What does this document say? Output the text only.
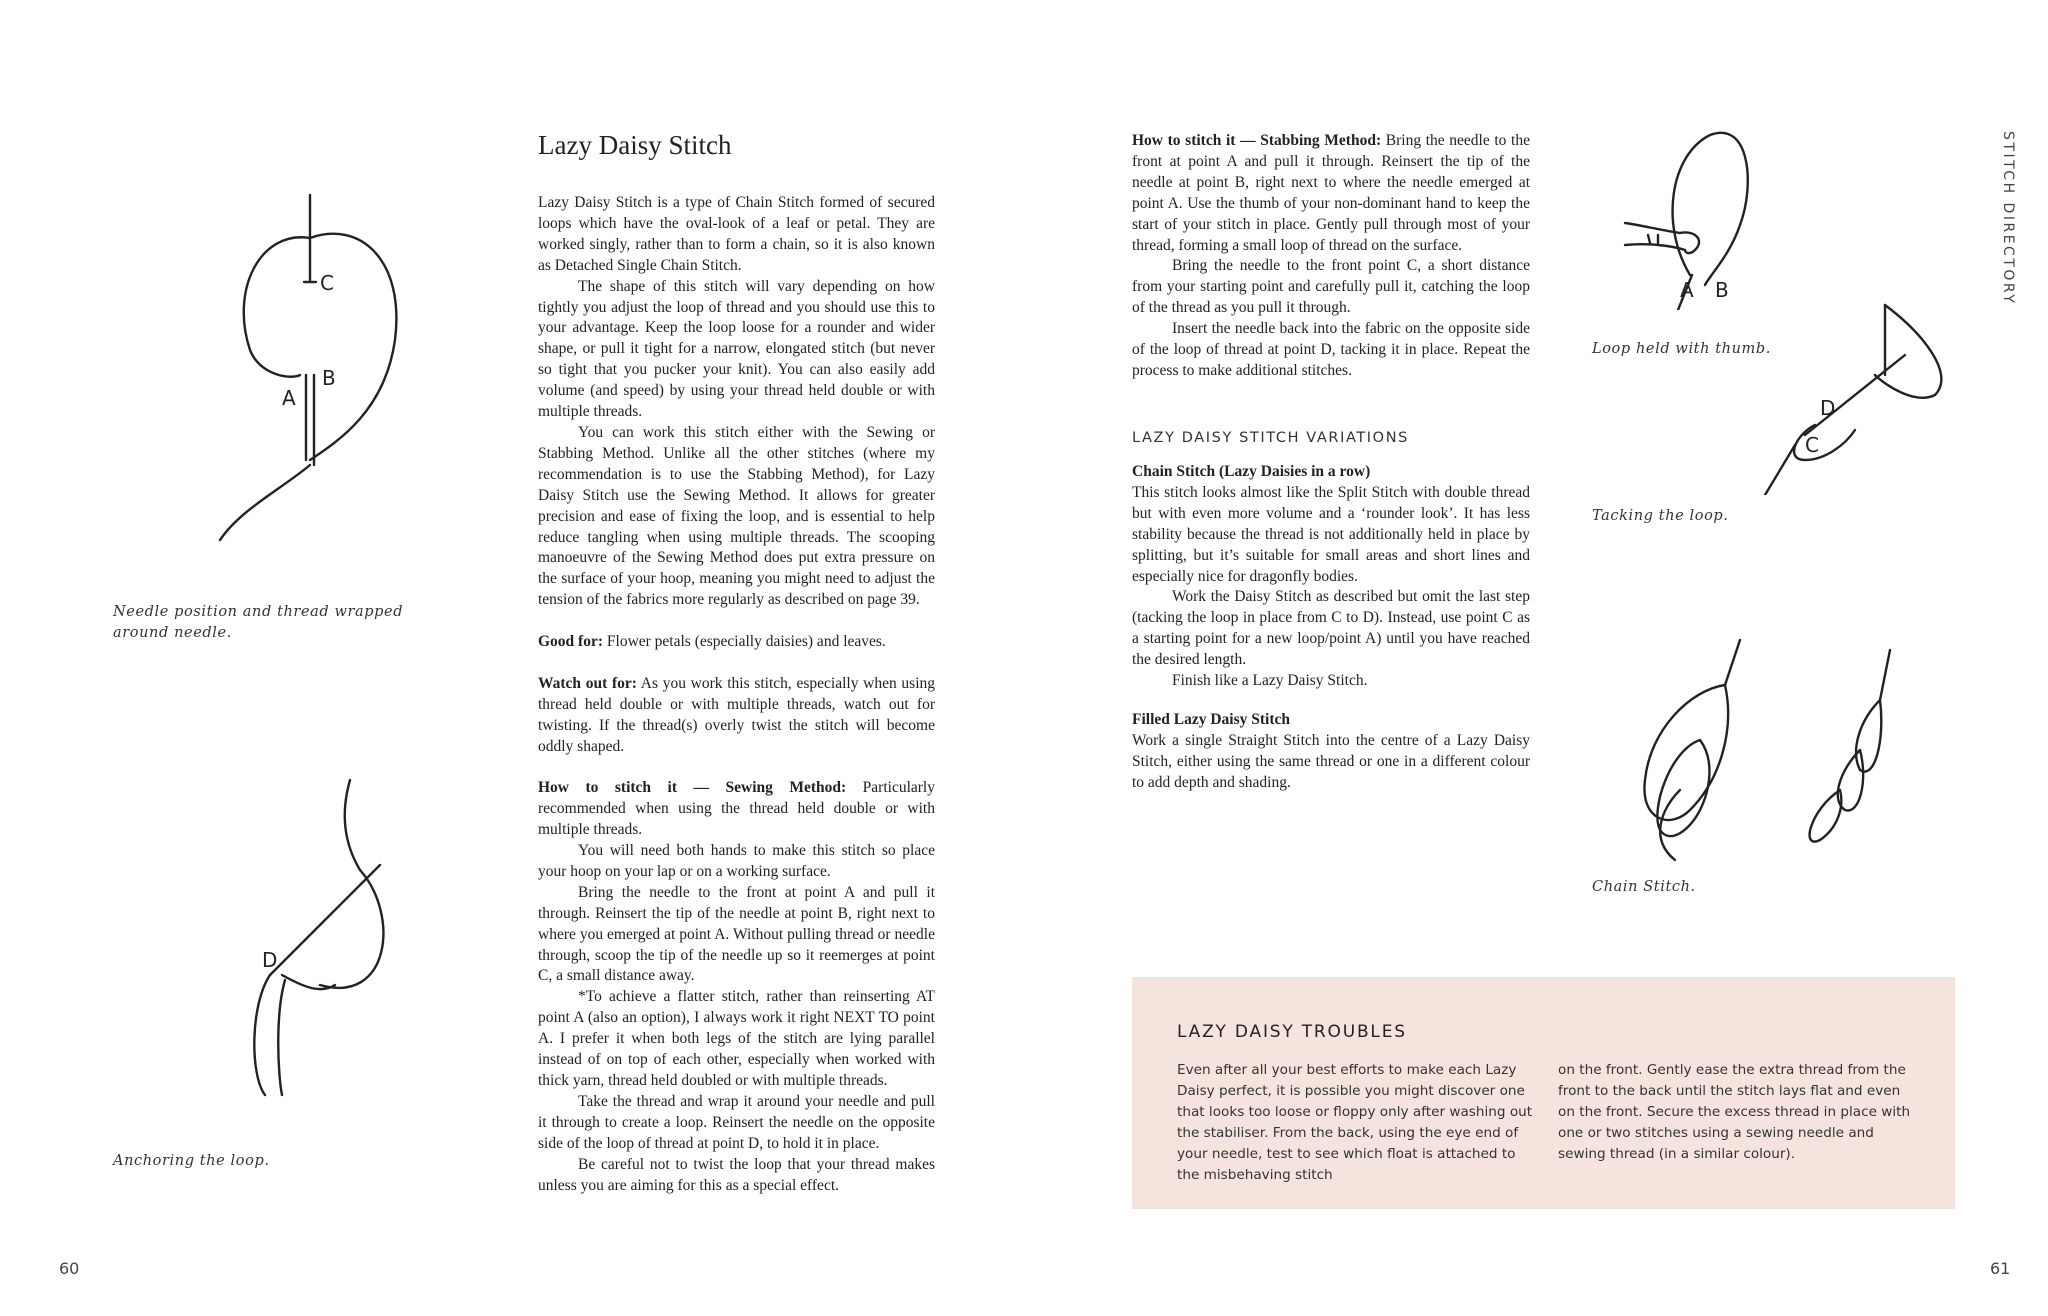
C
B
A
Needle position and thread wrapped
around needle.
D
Anchoring the loop.
60
Lazy Daisy Stitch

Lazy Daisy Stitch is a type of Chain Stitch formed of secured loops which have the oval-look of a leaf or petal. They are worked singly, rather than to form a chain, so it is also known as Detached Single Chain Stitch.

The shape of this stitch will vary depending on how tightly you adjust the loop of thread and you should use this to your advantage. Keep the loop loose for a rounder and wider shape, or pull it tight for a narrow, elongated stitch (but never so tight that you pucker your knit). You can also easily add volume (and speed) by using your thread held double or with multiple threads.

You can work this stitch either with the Sewing or Stabbing Method. Unlike all the other stitches (where my recommendation is to use the Stabbing Method), for Lazy Daisy Stitch use the Sewing Method. It allows for greater precision and ease of fixing the loop, and is essential to help reduce tangling when using multiple threads. The scooping manoeuvre of the Sewing Method does put extra pressure on the surface of your hoop, meaning you might need to adjust the tension of the fabrics more regularly as described on page 39.

Good for: Flower petals (especially daisies) and leaves.

Watch out for: As you work this stitch, especially when using thread held double or with multiple threads, watch out for twisting. If the thread(s) overly twist the stitch will become oddly shaped.

How to stitch it — Sewing Method: Particularly recommended when using the thread held double or with multiple threads.

You will need both hands to make this stitch so place your hoop on your lap or on a working surface.

Bring the needle to the front at point A and pull it through. Reinsert the tip of the needle at point B, right next to where you emerged at point A. Without pulling thread or needle through, scoop the tip of the needle up so it reemerges at point C, a small distance away.

*To achieve a flatter stitch, rather than reinserting AT point A (also an option), I always work it right NEXT TO point A. I prefer it when both legs of the stitch are lying parallel instead of on top of each other, especially when worked with thick yarn, thread held doubled or with multiple threads.

Take the thread and wrap it around your needle and pull it through to create a loop. Reinsert the needle on the opposite side of the loop of thread at point D, to hold it in place.

Be careful not to twist the loop that your thread makes unless you are aiming for this as a special effect.

How to stitch it — Stabbing Method: Bring the needle to the front at point A and pull it through. Reinsert the tip of the needle at point B, right next to where the needle emerged at point A. Use the thumb of your non-dominant hand to keep the start of your stitch in place. Gently pull through most of your thread, forming a small loop of thread on the surface.

Bring the needle to the front point C, a short distance from your starting point and carefully pull it, catching the loop of the thread as you pull it through.

Insert the needle back into the fabric on the opposite side of the loop of thread at point D, tacking it in place. Repeat the process to make additional stitches.

LAZY DAISY STITCH VARIATIONS

Chain Stitch (Lazy Daisies in a row)

This stitch looks almost like the Split Stitch with double thread but with even more volume and a ‘rounder look’. It has less stability because the thread is not additionally held in place by splitting, but it’s suitable for small areas and short lines and especially nice for dragonfly bodies.

Work the Daisy Stitch as described but omit the last step (tacking the loop in place from C to D). Instead, use point C as a starting point for a new loop/point A) until you have reached the desired length.

Finish like a Lazy Daisy Stitch.

Filled Lazy Daisy Stitch

Work a single Straight Stitch into the centre of a Lazy Daisy Stitch, either using the same thread or one in a different colour to add depth and shading.

A B
Loop held with thumb.
D
C
Tacking the loop.
Chain Stitch.
STITCH DIRECTORY
LAZY DAISY TROUBLES

Even after all your best efforts to make each Lazy Daisy perfect, it is possible you might discover one that looks too loose or floppy only after washing out the stabiliser. From the back, using the eye end of your needle, test to see which float is attached to the misbehaving stitch

on the front. Gently ease the extra thread from the front to the back until the stitch lays flat and even on the front. Secure the excess thread in place with one or two stitches using a sewing needle and sewing thread (in a similar colour).

61
